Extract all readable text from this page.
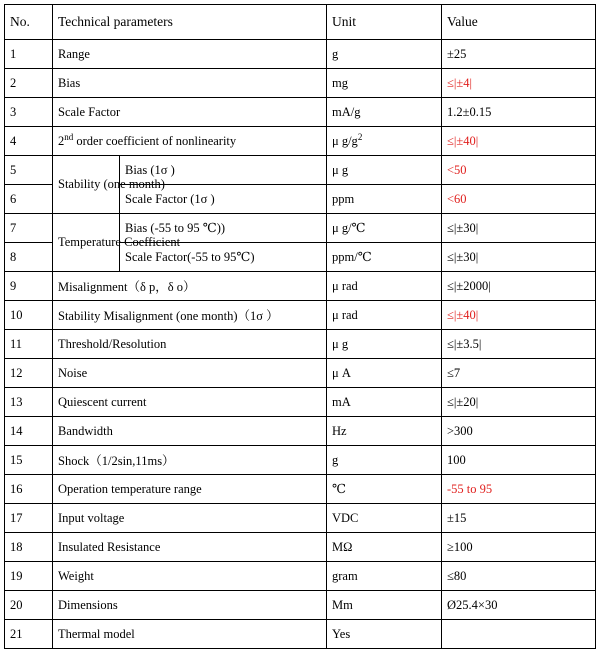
No.	Technical parameters		Unit	Value
1	Range		g	±25
2	Bias		mg	≤|±4|
3	Scale Factor		mA/g	1.2±0.15
4	2nd order coefficient of nonlinearity		μ $g/g^2$	≤|±40|
5	Stability (one month)	Bias (1σ )	μ g	<50
6		Scale Factor (1σ )	ppm	<60
7	Temperature Coefficient	Bias (-55 to 95 ℃))	μ g/℃	≤|±30|
8		Scale Factor(-55 to 95℃)	ppm/℃	≤|±30|
9	Misalignment（δ p，δ o）		μ rad	≤|±2000|
10	Stability Misalignment (one month)（1σ ）		μ rad	≤|±40|
11	Threshold/Resolution		μ g	≤|±3.5|
12	Noise		μ A	≤7
13	Quiescent current		mA	≤|±20|
14	Bandwidth		Hz	>300
15	Shock（1/2sin,11ms）		g	100
16	Operation temperature range		℃	-55 to 95
17	Input voltage		VDC	±15
18	Insulated Resistance		MΩ	≥100
19	Weight		gram	≤80
20	Dimensions		Mm	Ø25.4×30
21	Thermal model		Yes	
